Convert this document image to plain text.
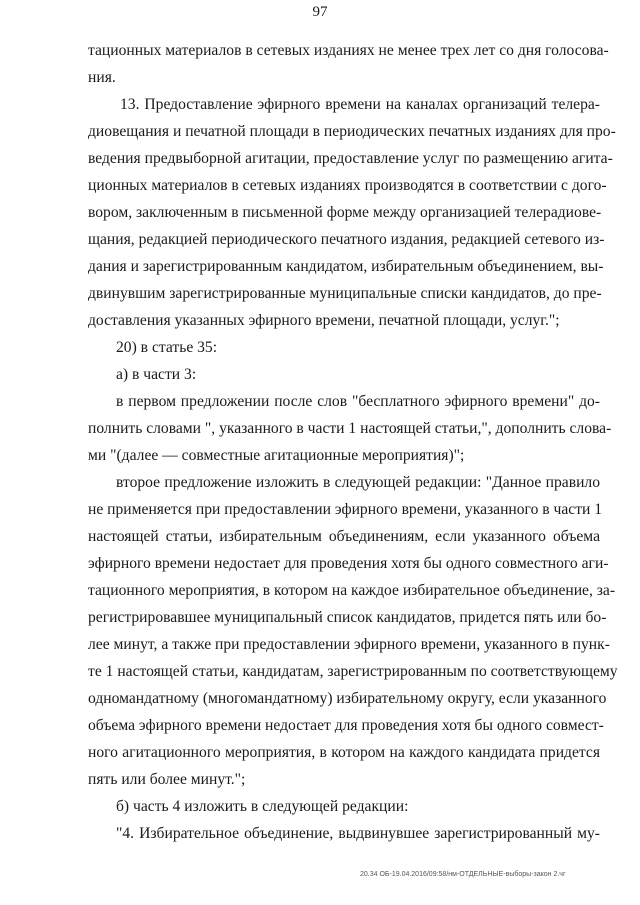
97
тационных материалов в сетевых изданиях не менее трех лет со дня голосова-
ния.
13. Предоставление эфирного времени на каналах организаций телера-
диовещания и печатной площади в периодических печатных изданиях для про-
ведения предвыборной агитации, предоставление услуг по размещению агита-
ционных материалов в сетевых изданиях производятся в соответствии с дого-
вором, заключенным в письменной форме между организацией телерадиове-
щания, редакцией периодического печатного издания, редакцией сетевого из-
дания и зарегистрированным кандидатом, избирательным объединением, вы-
двинувшим зарегистрированные муниципальные списки кандидатов, до пре-
доставления указанных эфирного времени, печатной площади, услуг.";
20) в статье 35:
а) в части 3:
в первом предложении после слов "бесплатного эфирного времени" до-
полнить словами ", указанного в части 1 настоящей статьи,", дополнить слова-
ми "(далее — совместные агитационные мероприятия)";
второе предложение изложить в следующей редакции: "Данное правило
не применяется при предоставлении эфирного времени, указанного в части 1
настоящей статьи, избирательным объединениям, если указанного объема
эфирного времени недостает для проведения хотя бы одного совместного аги-
тационного мероприятия, в котором на каждое избирательное объединение, за-
регистрировавшее муниципальный список кандидатов, придется пять или бо-
лее минут, а также при предоставлении эфирного времени, указанного в пунк-
те 1 настоящей статьи, кандидатам, зарегистрированным по соответствующему
одномандатному (многомандатному) избирательному округу, если указанного
объема эфирного времени недостает для проведения хотя бы одного совмест-
ного агитационного мероприятия, в котором на каждого кандидата придется
пять или более минут.";
б) часть 4 изложить в следующей редакции:
"4. Избирательное объединение, выдвинувшее зарегистрированный му-
20.34 ОБ-19.04.2016/09:58/нм-ОТДЕЛЬНЫЕ-выборы-закон 2.чг
